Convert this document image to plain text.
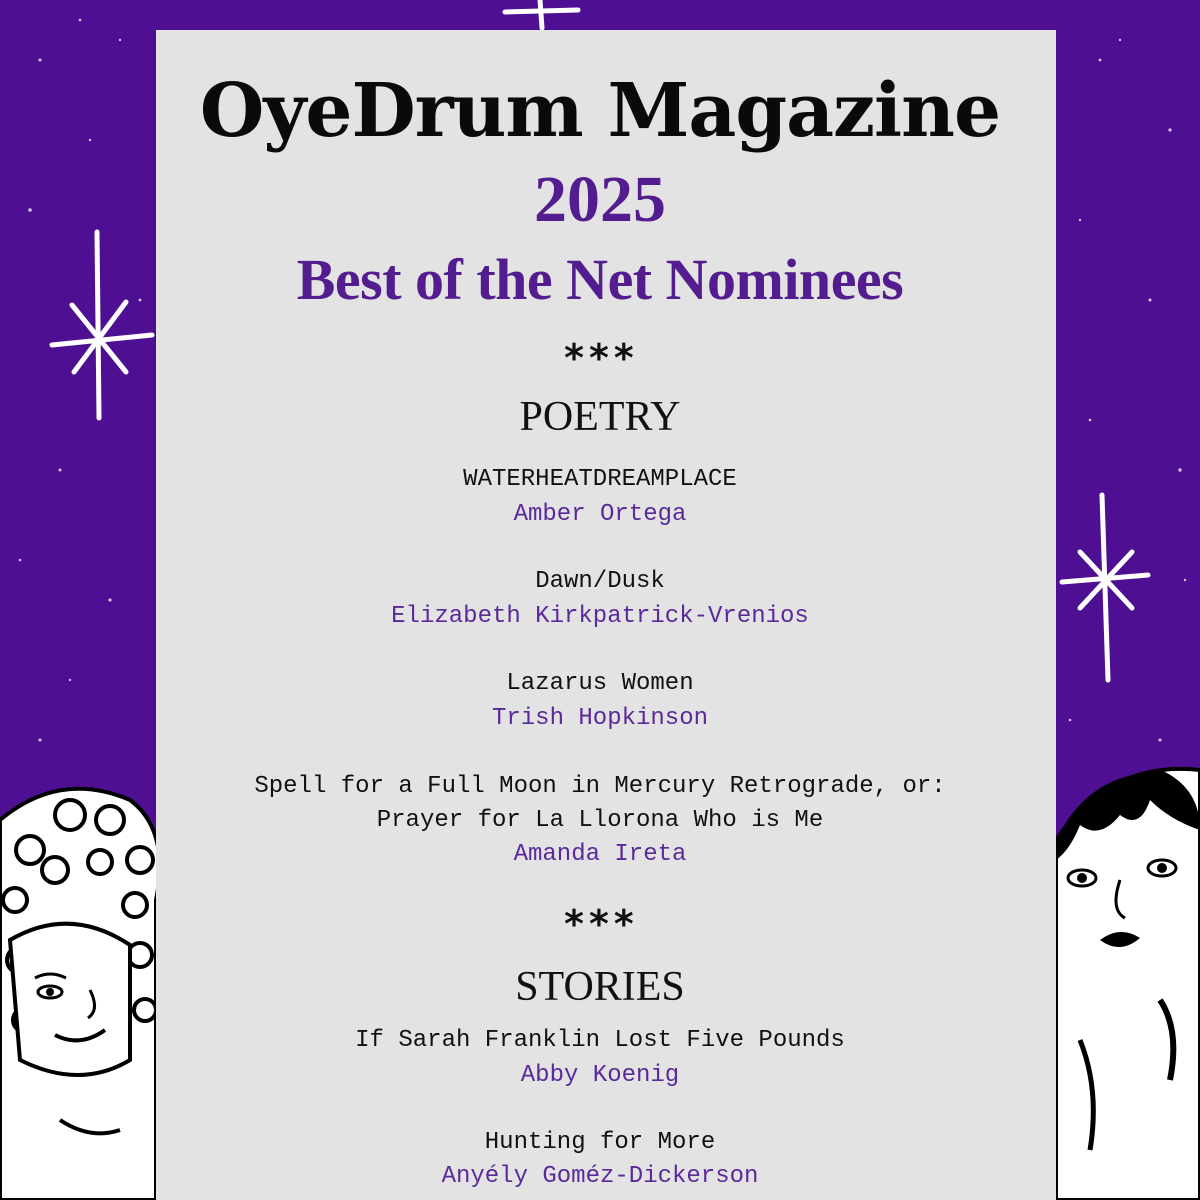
OyeDrum Magazine
2025
Best of the Net Nominees
***
POETRY
WATERHEATDREAMPLACE
Amber Ortega
Dawn/Dusk
Elizabeth Kirkpatrick-Vrenios
Lazarus Women
Trish Hopkinson
Spell for a Full Moon in Mercury Retrograde, or:
Prayer for La Llorona Who is Me
Amanda Ireta
***
STORIES
If Sarah Franklin Lost Five Pounds
Abby Koenig
Hunting for More
Anyély Goméz-Dickerson
